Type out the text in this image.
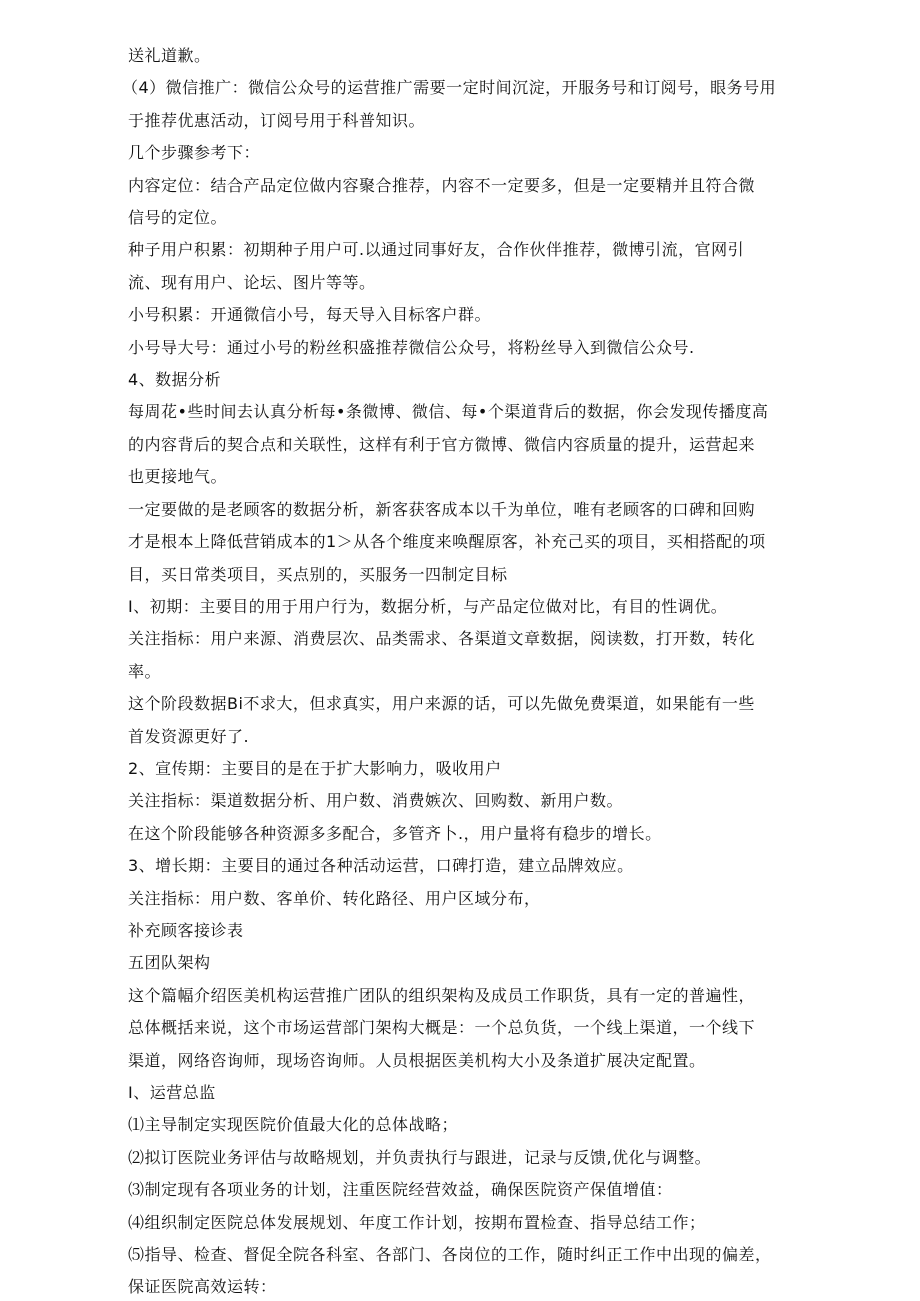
送礼道歉。

（4）微信推广：微信公众号的运营推广需要一定时间沉淀，开服务号和订阅号，眼务号用

于推荐优惠活动，订阅号用于科普知识。

几个步骤参考下：

内容定位：结合产品定位做内容聚合推荐，内容不一定要多，但是一定要精并且符合微

信号的定位。

种子用户积累：初期种子用户可.以通过同事好友，合作伙伴推荐，微博引流，官网引

流、现有用户、论坛、图片等等。

小号积累：开通微信小号，每天导入目标客户群。

小号导大号：通过小号的粉丝积盛推荐微信公众号，将粉丝导入到微信公众号.

4、数据分析

每周花•些时间去认真分析每•条微博、微信、每•个渠道背后的数据，你会发现传播度高

的内容背后的契合点和关联性，这样有利于官方微博、微信内容质量的提升，运营起来

也更接地气。

一定要做的是老顾客的数据分析，新客获客成本以千为单位，唯有老顾客的口碑和回购

才是根本上降低营销成本的1＞从各个维度来唤醒原客，补充己买的项目，买相搭配的项

目，买日常类项目，买点别的，买服务一四制定目标

I、初期：主要目的用于用户行为，数据分析，与产品定位做对比，有目的性调优。

关注指标：用户来源、消费层次、品类需求、各渠道文章数据，阅读数，打开数，转化

率。

这个阶段数据Bi不求大，但求真实，用户来源的话，可以先做免费渠道，如果能有一些

首发资源更好了.

2、宣传期：主要目的是在于扩大影响力，吸收用户

关注指标：渠道数据分析、用户数、消费嫉次、回购数、新用户数。

在这个阶段能够各种资源多多配合，多管齐卜.，用户量将有稳步的增长。

3、增长期：主要目的通过各种活动运营，口碑打造，建立品牌效应。

关注指标：用户数、客单价、转化路径、用户区域分布，

补充顾客接诊表

五团队架构

这个篇幅介绍医美机构运营推广团队的组织架构及成员工作职货，具有一定的普遍性，

总体概括来说，这个市场运营部门架构大概是：一个总负货，一个线上渠道，一个线下

渠道，网络咨询师，现场咨询师。人员根据医美机构大小及条道扩展决定配置。

I、运营总监

⑴主导制定实现医院价值最大化的总体战略；

⑵拟订医院业务评估与故略规划，并负责执行与跟进，记录与反馈,优化与调整。

⑶制定现有各项业务的计划，注重医院经营效益，确保医院资产保值增值：

⑷组织制定医院总体发展规划、年度工作计划，按期布置检查、指导总结工作；

⑸指导、检查、督促全院各科室、各部门、各岗位的工作，随时纠正工作中出现的偏差，

保证医院高效运转：
